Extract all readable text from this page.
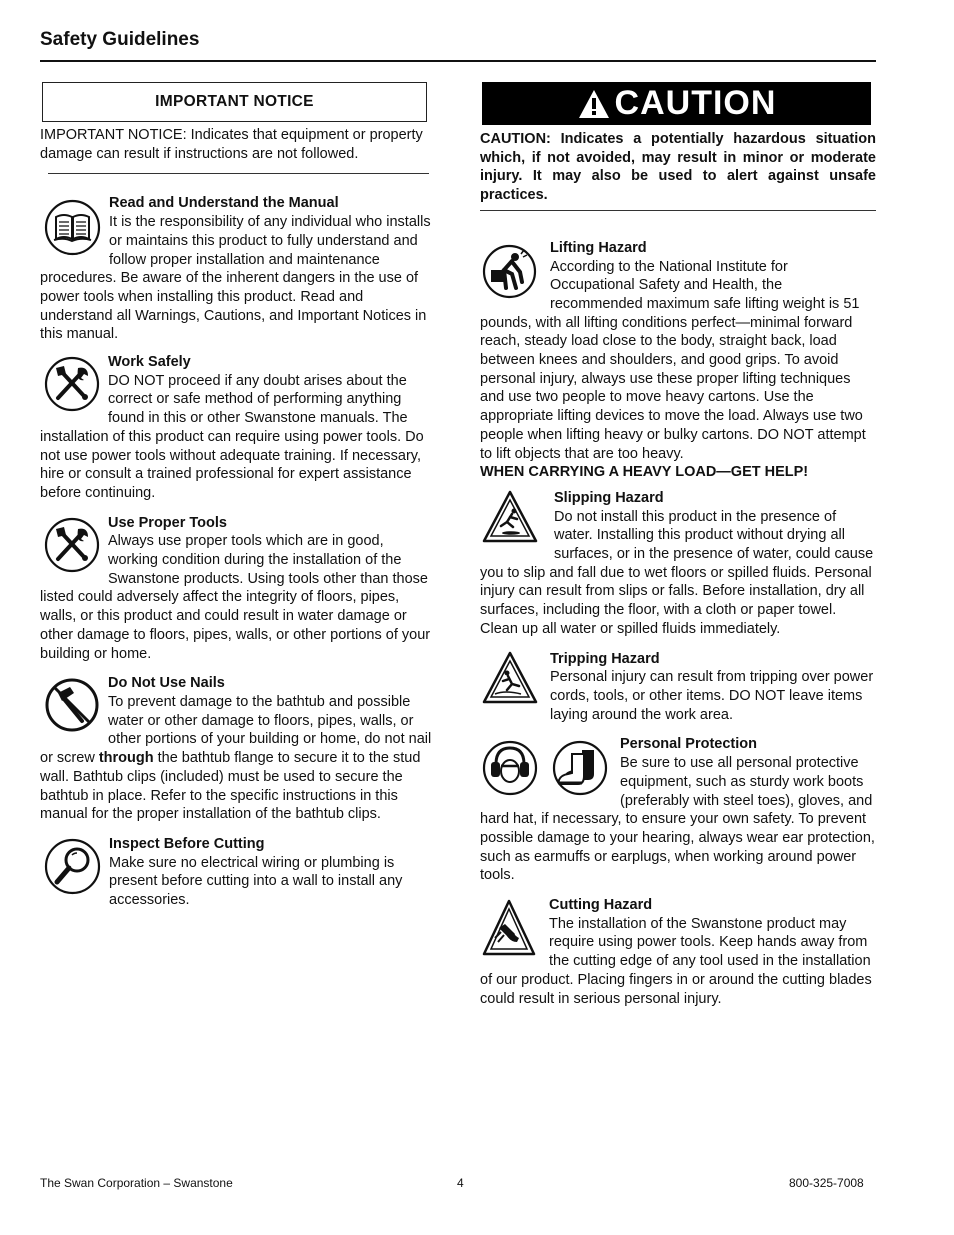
Safety Guidelines
IMPORTANT NOTICE
IMPORTANT NOTICE: Indicates that equipment or property damage can result if instructions are not followed.
Read and Understand the Manual

It is the responsibility of any individual who installs or maintains this product to fully understand and follow proper installation and maintenance procedures. Be aware of the inherent dangers in the use of power tools when installing this product. Read and understand all Warnings, Cautions, and Important Notices in this manual.

Work Safely

DO NOT proceed if any doubt arises about the correct or safe method of performing anything found in this or other Swanstone manuals. The installation of this product can require using power tools. Do not use power tools without adequate training. If necessary, hire or consult a trained professional for expert assistance before continuing.

Use Proper Tools

Always use proper tools which are in good, working condition during the installation of the Swanstone products. Using tools other than those listed could adversely affect the integrity of floors, pipes, walls, or this product and could result in water damage or other damage to floors, pipes, walls, or other portions of your building or home.

Do Not Use Nails

To prevent damage to the bathtub and possible water or other damage to floors, pipes, walls, or other portions of your building or home, do not nail or screw through the bathtub flange to secure it to the stud wall. Bathtub clips (included) must be used to secure the bathtub in place. Refer to the specific instructions in this manual for the proper installation of the bathtub clips.

Inspect Before Cutting

Make sure no electrical wiring or plumbing is present before cutting into a wall to install any accessories.

CAUTION
CAUTION: Indicates a potentially hazardous situation which, if not avoided, may result in minor or moderate injury. It may also be used to alert against unsafe practices.
Lifting Hazard

According to the National Institute for Occupational Safety and Health, the recommended maximum safe lifting weight is 51 pounds, with all lifting conditions perfect—minimal forward reach, steady load close to the body, straight back, load between knees and shoulders, and good grips. To avoid personal injury, always use these proper lifting techniques and use two people to move heavy cartons. Use the appropriate lifting devices to move the load. Always use two people when lifting heavy or bulky cartons. DO NOT attempt to lift objects that are too heavy.

WHEN CARRYING A HEAVY LOAD—GET HELP!
Slipping Hazard

Do not install this product in the presence of water. Installing this product without drying all surfaces, or in the presence of water, could cause you to slip and fall due to wet floors or spilled fluids. Personal injury can result from slips or falls. Before installation, dry all surfaces, including the floor, with a cloth or paper towel. Clean up all water or spilled fluids immediately.

Tripping Hazard

Personal injury can result from tripping over power cords, tools, or other items. DO NOT leave items laying around the work area.

Personal Protection

Be sure to use all personal protective equipment, such as sturdy work boots (preferably with steel toes), gloves, and hard hat, if necessary, to ensure your own safety. To prevent possible damage to your hearing, always wear ear protection, such as earmuffs or earplugs, when working around power tools.

Cutting Hazard

The installation of the Swanstone product may require using power tools. Keep hands away from the cutting edge of any tool used in the installation of our product. Placing fingers in or around the cutting blades could result in serious personal injury.

The Swan Corporation – Swanstone	4	800-325-7008
